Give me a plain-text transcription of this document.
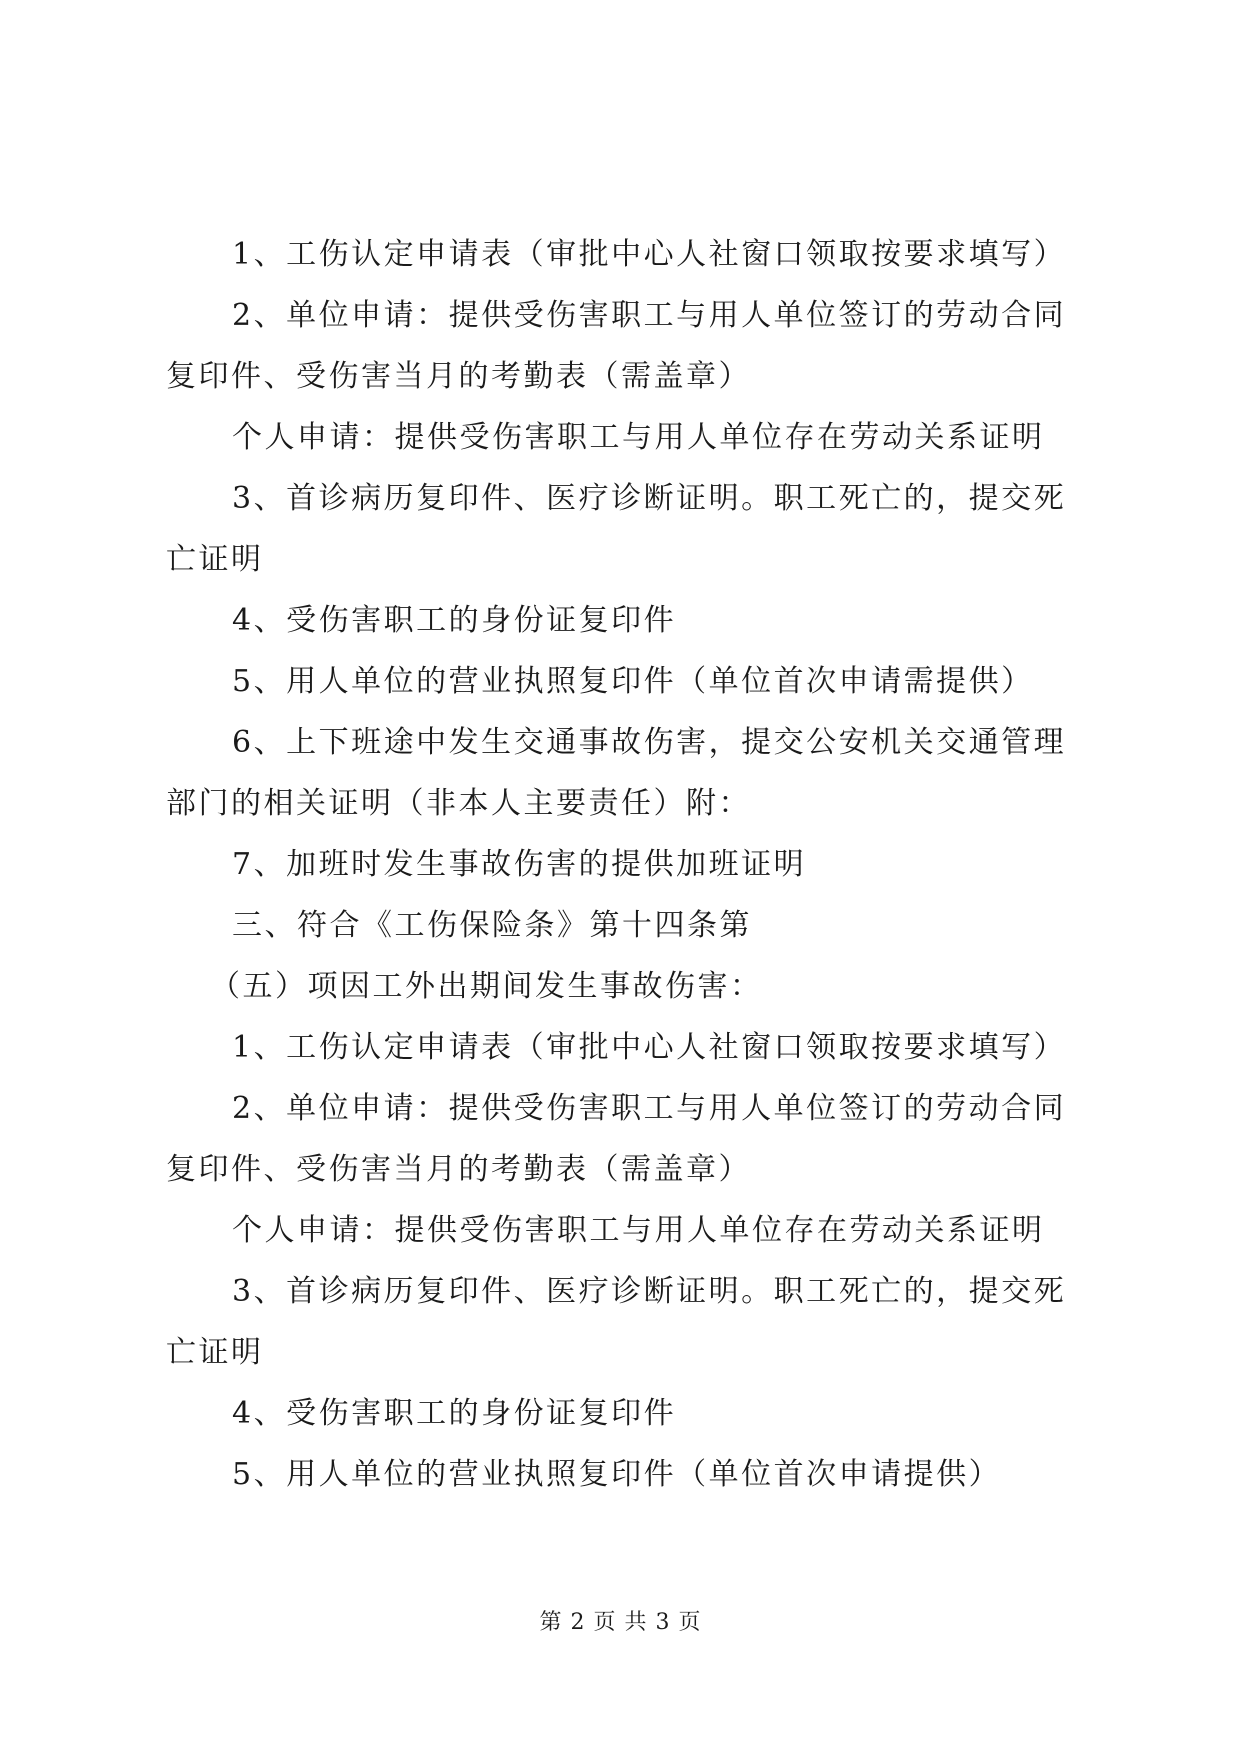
1、工伤认定申请表（审批中心人社窗口领取按要求填写）

2、单位申请：提供受伤害职工与用人单位签订的劳动合同

复印件、受伤害当月的考勤表（需盖章）

个人申请：提供受伤害职工与用人单位存在劳动关系证明

3、首诊病历复印件、医疗诊断证明。职工死亡的，提交死

亡证明

4、受伤害职工的身份证复印件

5、用人单位的营业执照复印件（单位首次申请需提供）

6、上下班途中发生交通事故伤害，提交公安机关交通管理

部门的相关证明（非本人主要责任）附：

7、加班时发生事故伤害的提供加班证明

三、符合《工伤保险条》第十四条第

（五）项因工外出期间发生事故伤害：

1、工伤认定申请表（审批中心人社窗口领取按要求填写）

2、单位申请：提供受伤害职工与用人单位签订的劳动合同

复印件、受伤害当月的考勤表（需盖章）

个人申请：提供受伤害职工与用人单位存在劳动关系证明

3、首诊病历复印件、医疗诊断证明。职工死亡的，提交死

亡证明

4、受伤害职工的身份证复印件

5、用人单位的营业执照复印件（单位首次申请提供）

第 2 页 共 3 页
